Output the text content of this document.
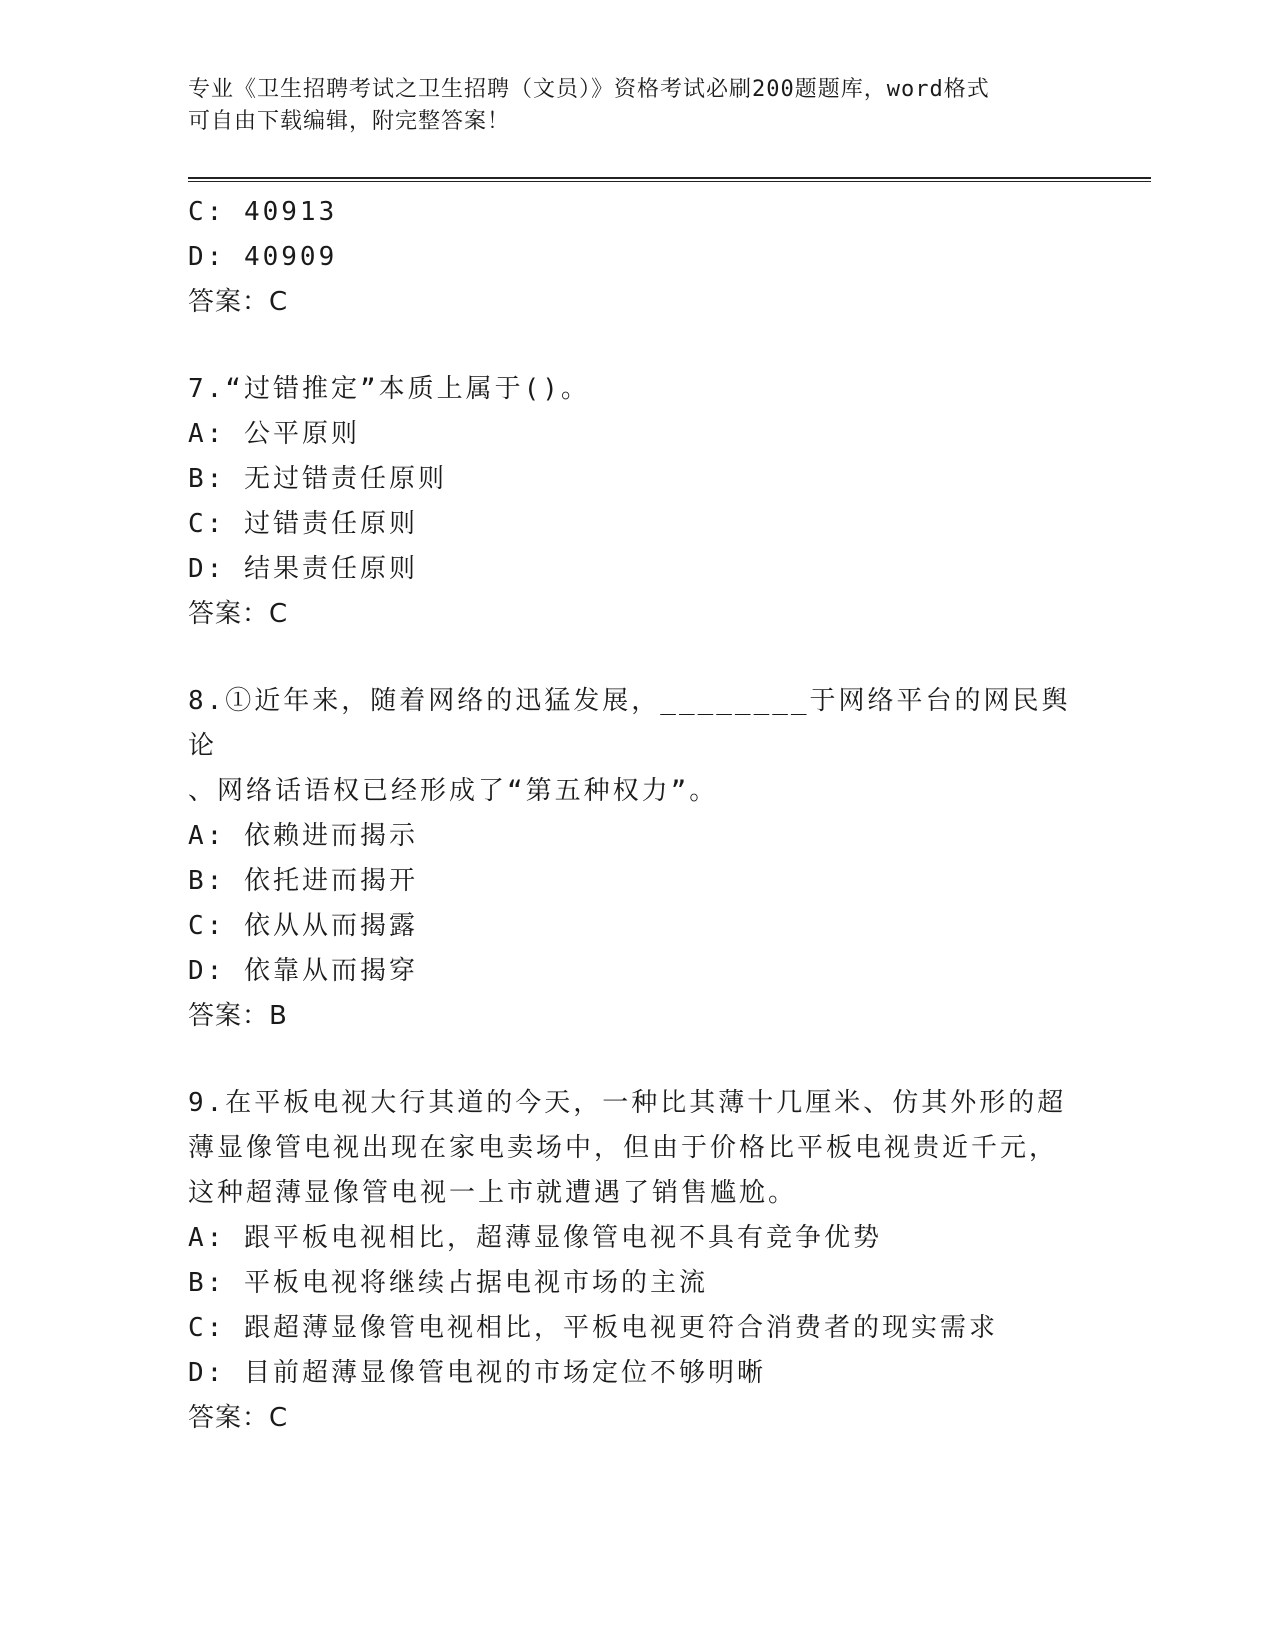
专业《卫生招聘考试之卫生招聘（文员）》资格考试必刷200题题库，word格式
可自由下载编辑，附完整答案！
C: 40913
D: 40909
答案：C
7.“过错推定”本质上属于()。
A: 公平原则
B: 无过错责任原则
C: 过错责任原则
D: 结果责任原则
答案：C
8.①近年来，随着网络的迅猛发展，________于网络平台的网民舆论
、网络话语权已经形成了“第五种权力”。
A: 依赖进而揭示
B: 依托进而揭开
C: 依从从而揭露
D: 依靠从而揭穿
答案：B
9.在平板电视大行其道的今天，一种比其薄十几厘米、仿其外形的超
薄显像管电视出现在家电卖场中，但由于价格比平板电视贵近千元，
这种超薄显像管电视一上市就遭遇了销售尴尬。
A: 跟平板电视相比，超薄显像管电视不具有竞争优势
B: 平板电视将继续占据电视市场的主流
C: 跟超薄显像管电视相比，平板电视更符合消费者的现实需求
D: 目前超薄显像管电视的市场定位不够明晰
答案：C
